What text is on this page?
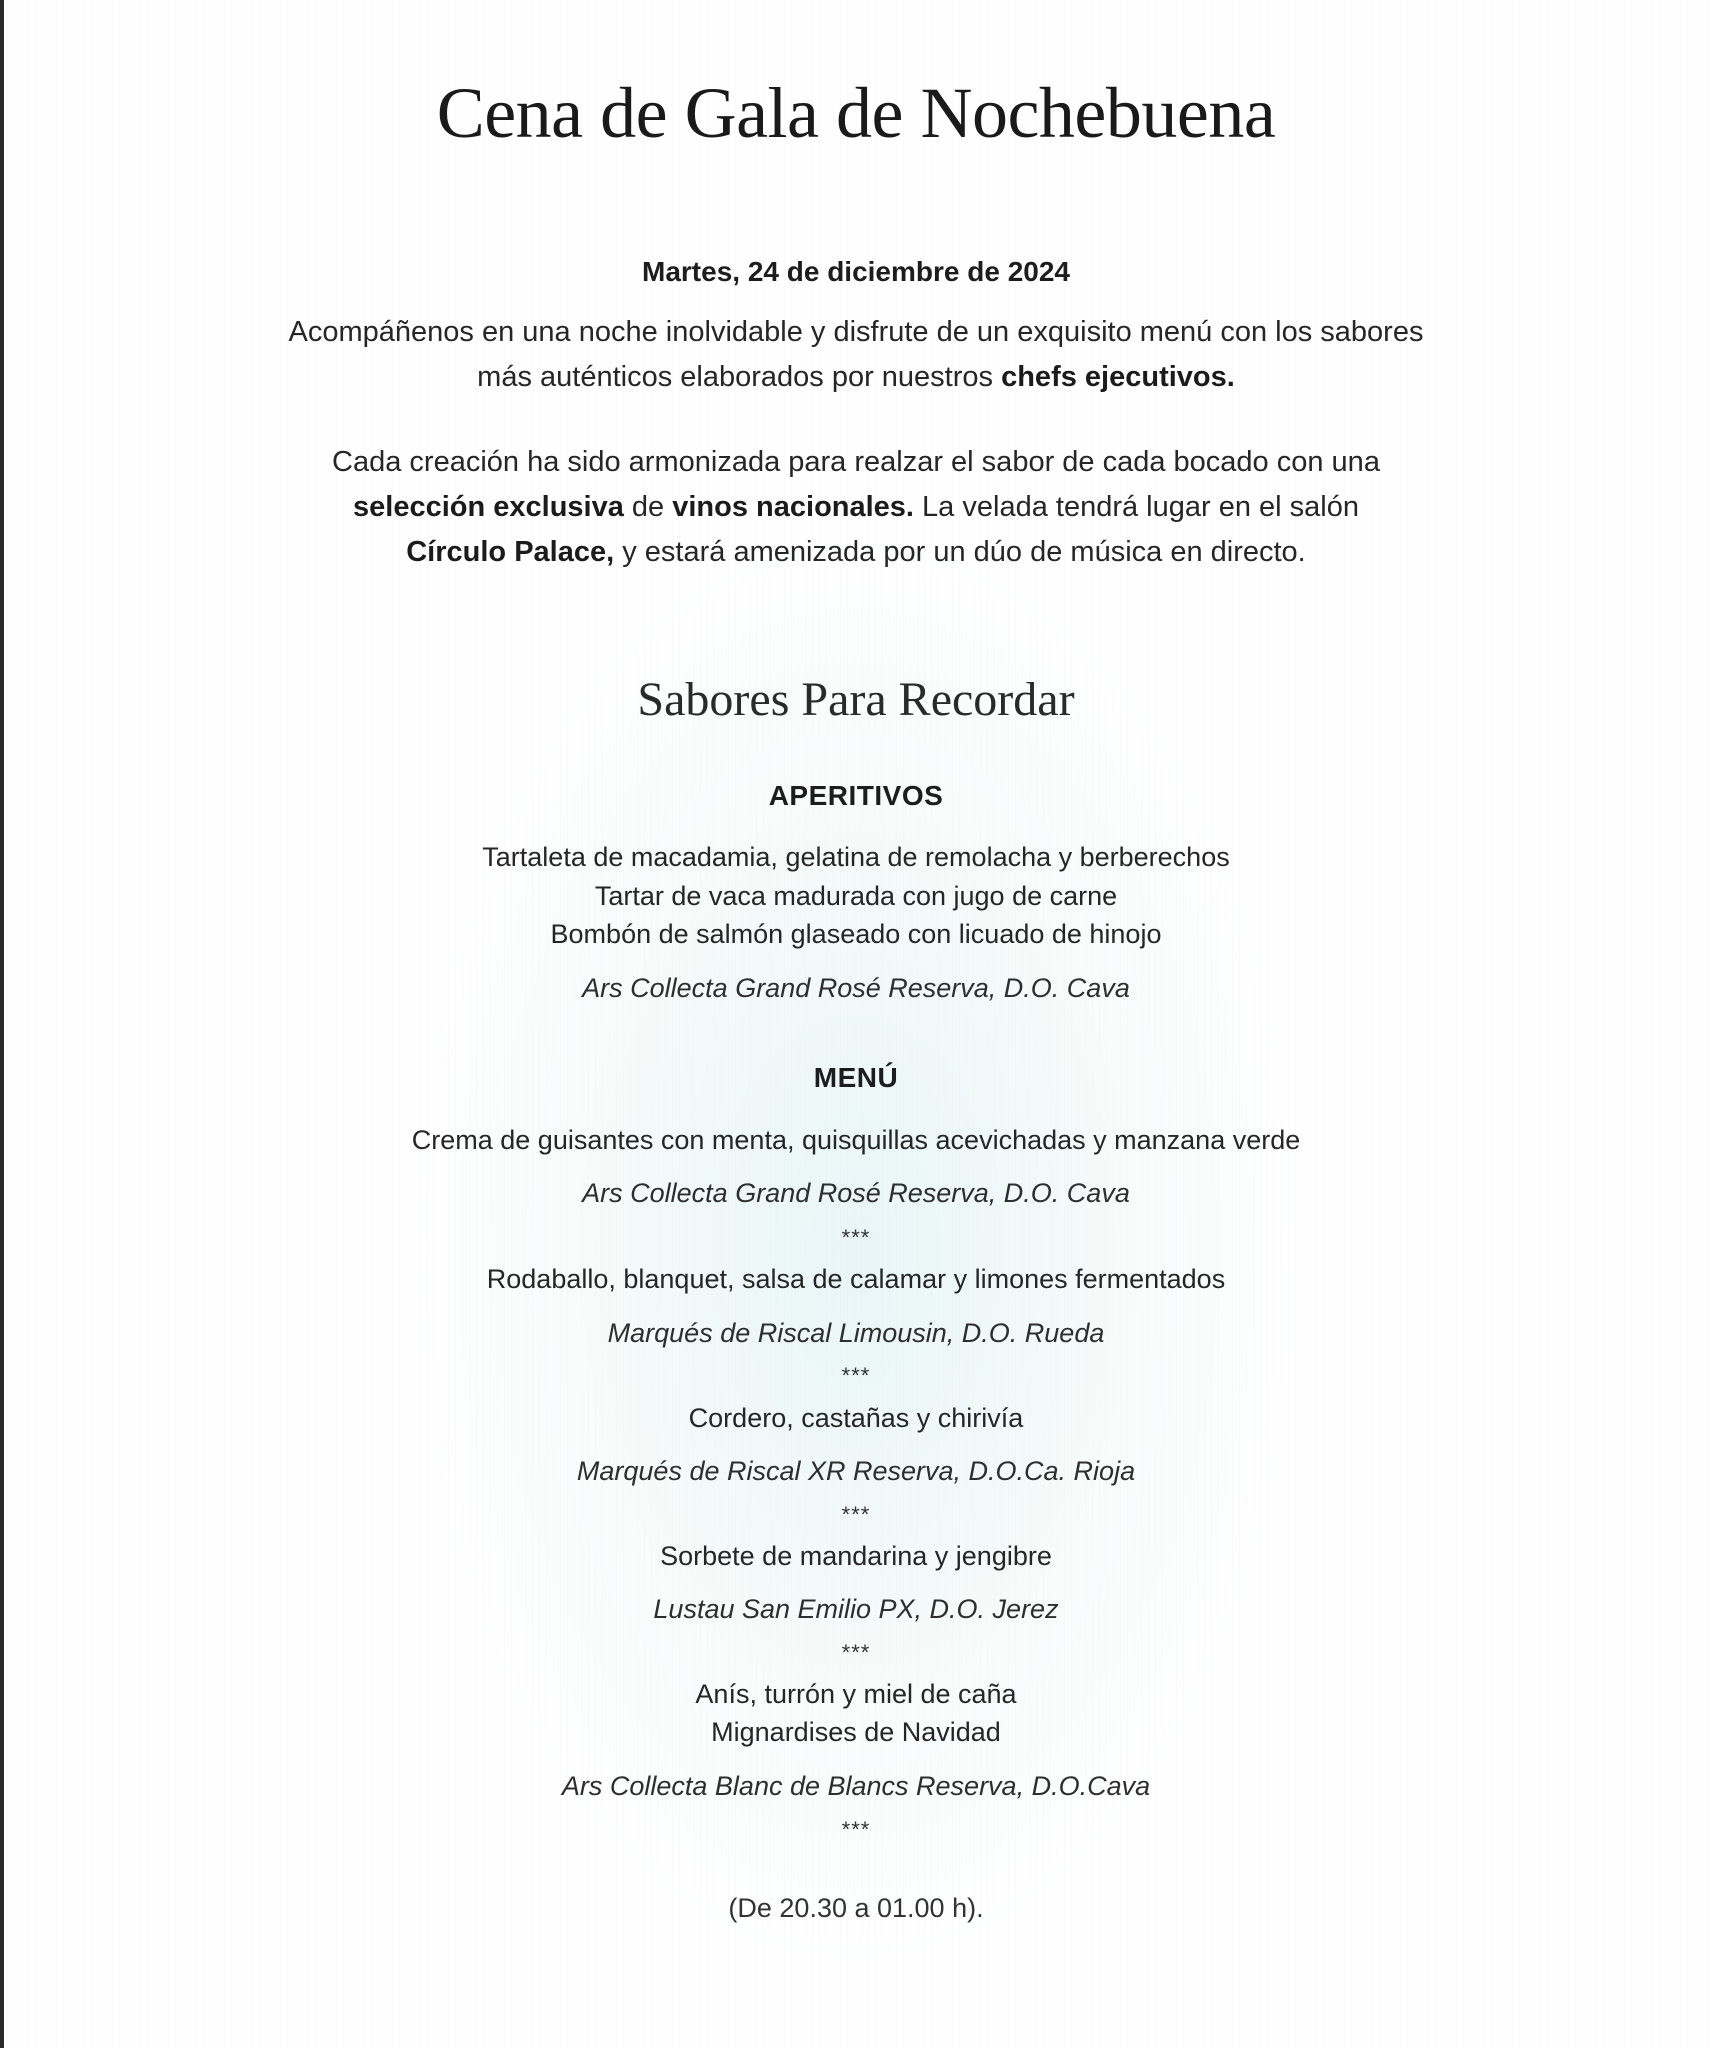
Cena de Gala de Nochebuena
Martes, 24 de diciembre de 2024
Acompáñenos en una noche inolvidable y disfrute de un exquisito menú con los sabores
más auténticos elaborados por nuestros chefs ejecutivos.
Cada creación ha sido armonizada para realzar el sabor de cada bocado con una
selección exclusiva de vinos nacionales. La velada tendrá lugar en el salón
Círculo Palace, y estará amenizada por un dúo de música en directo.
Sabores Para Recordar
APERITIVOS
Tartaleta de macadamia, gelatina de remolacha y berberechos
Tartar de vaca madurada con jugo de carne
Bombón de salmón glaseado con licuado de hinojo
Ars Collecta Grand Rosé Reserva, D.O. Cava
MENÚ
Crema de guisantes con menta, quisquillas acevichadas y manzana verde
Ars Collecta Grand Rosé Reserva, D.O. Cava
***
Rodaballo, blanquet, salsa de calamar y limones fermentados
Marqués de Riscal Limousin, D.O. Rueda
***
Cordero, castañas y chirivía
Marqués de Riscal XR Reserva, D.O.Ca. Rioja
***
Sorbete de mandarina y jengibre
Lustau San Emilio PX, D.O. Jerez
***
Anís, turrón y miel de caña
Mignardises de Navidad
Ars Collecta Blanc de Blancs Reserva, D.O.Cava
***
(De 20.30 a 01.00 h).
